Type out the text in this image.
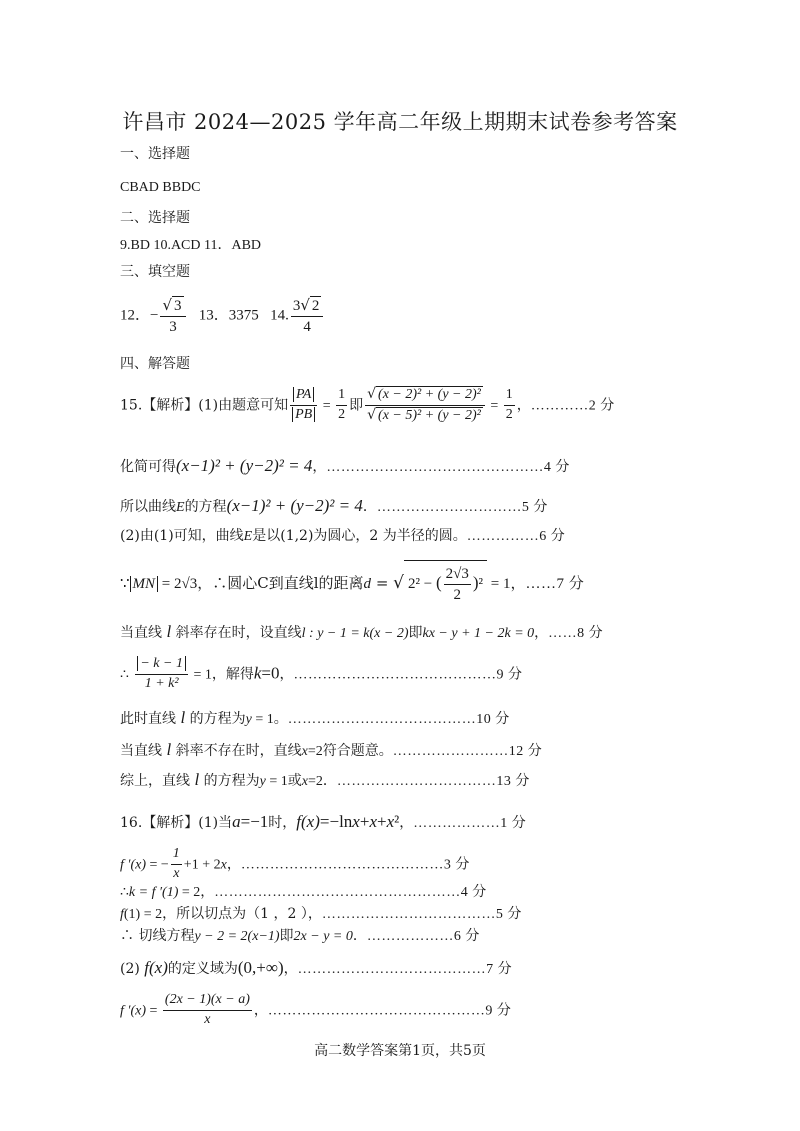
许昌市 2024—2025 学年高二年级上期期末试卷参考答案
一、选择题
CBAD BBDC
二、选择题
9.BD 10.ACD 11．ABD
三、填空题
12．− $\frac{√ 3}{3} 13$．3375 14. $\frac{3√ 2}{4}$
四、解答题
15.【解析】(1)由题意可知 $\frac{PA}{PB} = \frac{1}{2}$ 即 $\frac{\text{√ (x − 2)² + (y − 2)²}}{\text{√ (x − 5)² + (y − 2)²}} = \frac{1}{2}$ ，…………2 分
化简可得(x−1)² + (y−2)² = 4，………………………………………4 分
所以曲线E的方程(x−1)² + (y−2)² = 4．…………………………5 分
(2)由(1)可知，曲线E是以(1,2)为圆心，2 为半径的圆。……………6 分
∵ MN = 2√3，∴圆心C到直线l的距离d = √ 2² − ( $\frac{2√3}{2} )^2 = 1$，……7 分
当直线 l 斜率存在时，设直线l : y − 1 = k(x − 2)即kx − y + 1 − 2k = 0，……8 分
∴ $\frac{- k - 1}{\text{1 + k²}} = 1$，解得k=0，……………………………………9 分
此时直线 l 的方程为y = 1。…………………………………10 分
当直线 l 斜率不存在时，直线x=2符合题意。……………………12 分
综上，直线 l 的方程为y = 1或x=2．……………………………13 分
16.【解析】(1)当a=−1时，f(x)=−lnx+x+x²，………………1 分
f ′(x) = − $\frac{1}{x} +1 + 2x$，……………………………………3 分
∴k = f ′(1) = 2，……………………………………………4 分
f(1) = 2，所以切点为（1 ，2 ），………………………………5 分
∴ 切线方程y − 2 = 2(x−1)即2x − y = 0．………………6 分
(2) f(x)的定义域为(0,+∞)，…………………………………7 分
f $'(x) = \frac{(2x - 1)(x - a)}{x}$ ，………………………………………9 分
高二数学答案第1页，共5页
